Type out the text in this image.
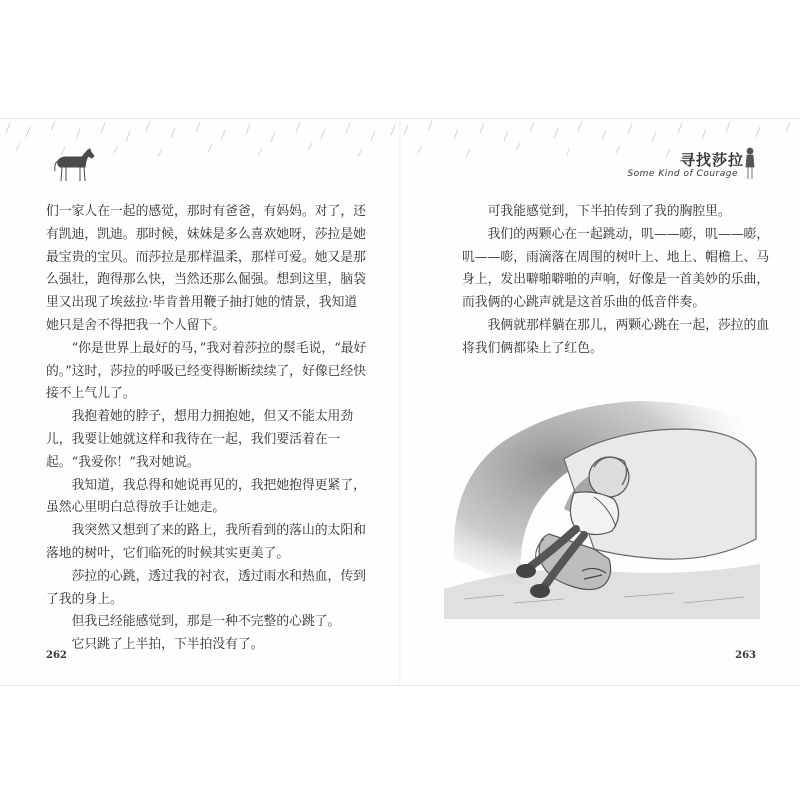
们一家人在一起的感觉，那时有爸爸，有妈妈。对了，还有凯迪，凯迪。那时候，妹妹是多么喜欢她呀，莎拉是她最宝贵的宝贝。而莎拉是那样温柔，那样可爱。她又是那么强壮，跑得那么快，当然还那么倔强。想到这里，脑袋里又出现了埃兹拉·毕肯普用鞭子抽打她的情景，我知道她只是舍不得把我一个人留下。

“你是世界上最好的马，”我对着莎拉的鬃毛说，“最好的。”这时，莎拉的呼吸已经变得断断续续了，好像已经快接不上气儿了。

我抱着她的脖子，想用力拥抱她，但又不能太用劲儿，我要让她就这样和我待在一起，我们要活着在一起。“我爱你！”我对她说。

我知道，我总得和她说再见的，我把她抱得更紧了，虽然心里明白总得放手让她走。

我突然又想到了来的路上，我所看到的落山的太阳和落地的树叶，它们临死的时候其实更美了。

莎拉的心跳，透过我的衬衣，透过雨水和热血，传到了我的身上。

但我已经能感觉到，那是一种不完整的心跳了。

它只跳了上半拍，下半拍没有了。

262
寻找莎拉
Some Kind of Courage

可我能感觉到，下半拍传到了我的胸腔里。

我们的两颗心在一起跳动，叽——嘭，叽——嘭，叽——嘭，雨滴落在周围的树叶上、地上、帽檐上、马身上，发出噼啪噼啪的声响，好像是一首美妙的乐曲，而我俩的心跳声就是这首乐曲的低音伴奏。

我俩就那样躺在那儿，两颗心跳在一起，莎拉的血将我们俩都染上了红色。

263
